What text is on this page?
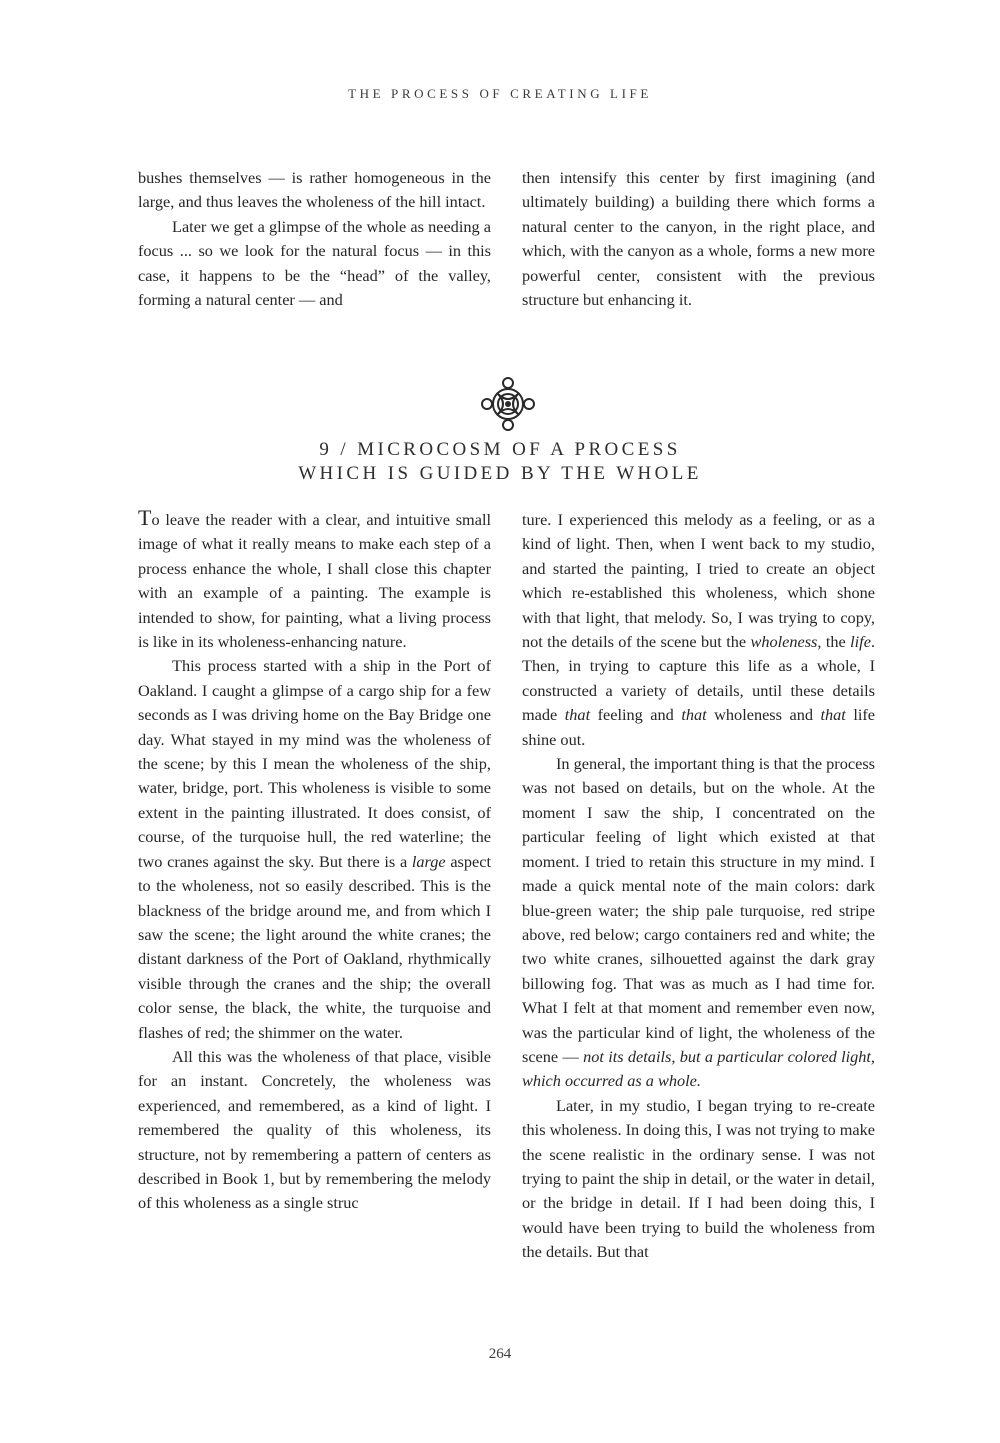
THE PROCESS OF CREATING LIFE

bushes themselves — is rather homogeneous in the large, and thus leaves the wholeness of the hill intact.

Later we get a glimpse of the whole as needing a focus ... so we look for the natural focus — in this case, it happens to be the “head” of the valley, forming a natural center — and

then intensify this center by first imagining (and ultimately building) a building there which forms a natural center to the canyon, in the right place, and which, with the canyon as a whole, forms a new more powerful center, consistent with the previous structure but enhancing it.

9 / MICROCOSM OF A PROCESS
WHICH IS GUIDED BY THE WHOLE

To leave the reader with a clear, and intuitive small image of what it really means to make each step of a process enhance the whole, I shall close this chapter with an example of a painting. The example is intended to show, for painting, what a living process is like in its wholeness-enhancing nature.

This process started with a ship in the Port of Oakland. I caught a glimpse of a cargo ship for a few seconds as I was driving home on the Bay Bridge one day. What stayed in my mind was the wholeness of the scene; by this I mean the wholeness of the ship, water, bridge, port. This wholeness is visible to some extent in the painting illustrated. It does consist, of course, of the turquoise hull, the red waterline; the two cranes against the sky. But there is a large aspect to the wholeness, not so easily described. This is the blackness of the bridge around me, and from which I saw the scene; the light around the white cranes; the distant darkness of the Port of Oakland, rhythmically visible through the cranes and the ship; the overall color sense, the black, the white, the turquoise and flashes of red; the shimmer on the water.

All this was the wholeness of that place, visible for an instant. Concretely, the wholeness was experienced, and remembered, as a kind of light. I remembered the quality of this wholeness, its structure, not by remembering a pattern of centers as described in Book 1, but by remembering the melody of this wholeness as a single struc

ture. I experienced this melody as a feeling, or as a kind of light. Then, when I went back to my studio, and started the painting, I tried to create an object which re-established this wholeness, which shone with that light, that melody. So, I was trying to copy, not the details of the scene but the wholeness, the life. Then, in trying to capture this life as a whole, I constructed a variety of details, until these details made that feeling and that wholeness and that life shine out.

In general, the important thing is that the process was not based on details, but on the whole. At the moment I saw the ship, I concentrated on the particular feeling of light which existed at that moment. I tried to retain this structure in my mind. I made a quick mental note of the main colors: dark blue-green water; the ship pale turquoise, red stripe above, red below; cargo containers red and white; the two white cranes, silhouetted against the dark gray billowing fog. That was as much as I had time for. What I felt at that moment and remember even now, was the particular kind of light, the wholeness of the scene — not its details, but a particular colored light, which occurred as a whole.

Later, in my studio, I began trying to re-create this wholeness. In doing this, I was not trying to make the scene realistic in the ordinary sense. I was not trying to paint the ship in detail, or the water in detail, or the bridge in detail. If I had been doing this, I would have been trying to build the wholeness from the details. But that

264
